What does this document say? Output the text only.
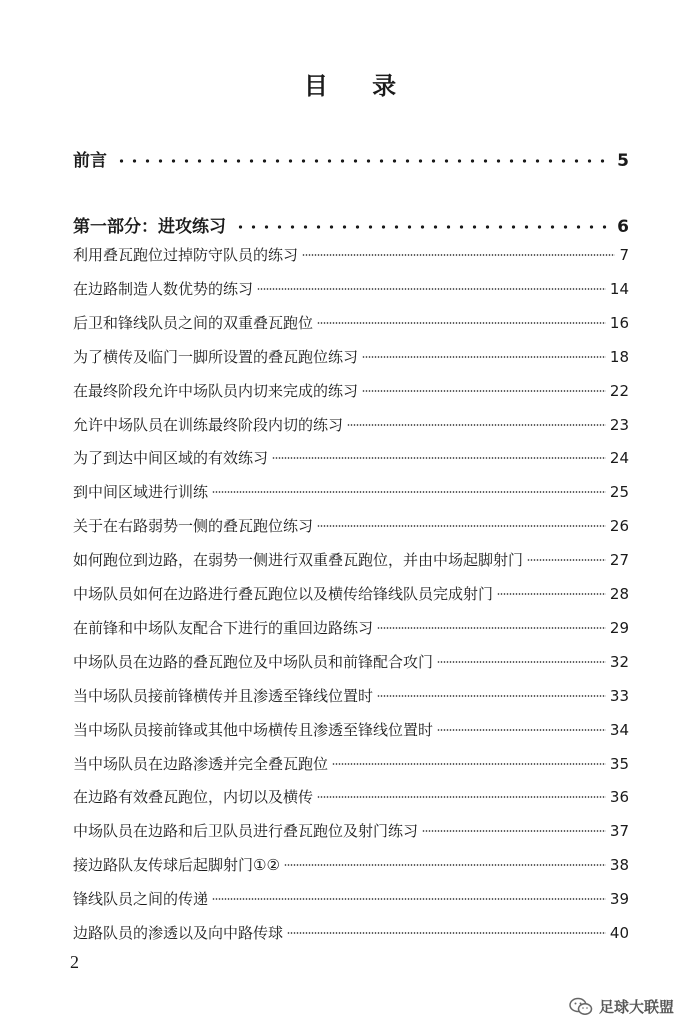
目 录
前言	5
第一部分：进攻练习	6
利用叠瓦跑位过掉防守队员的练习	7
在边路制造人数优势的练习	14
后卫和锋线队员之间的双重叠瓦跑位	16
为了横传及临门一脚所设置的叠瓦跑位练习	18
在最终阶段允许中场队员内切来完成的练习	22
允许中场队员在训练最终阶段内切的练习	23
为了到达中间区域的有效练习	24
到中间区域进行训练	25
关于在右路弱势一侧的叠瓦跑位练习	26
如何跑位到边路，在弱势一侧进行双重叠瓦跑位，并由中场起脚射门	27
中场队员如何在边路进行叠瓦跑位以及横传给锋线队员完成射门	28
在前锋和中场队友配合下进行的重回边路练习	29
中场队员在边路的叠瓦跑位及中场队员和前锋配合攻门	32
当中场队员接前锋横传并且渗透至锋线位置时	33
当中场队员接前锋或其他中场横传且渗透至锋线位置时	34
当中场队员在边路渗透并完全叠瓦跑位	35
在边路有效叠瓦跑位，内切以及横传	36
中场队员在边路和后卫队员进行叠瓦跑位及射门练习	37
接边路队友传球后起脚射门①②	38
锋线队员之间的传递	39
边路队员的渗透以及向中路传球	40
2
足球大联盟
